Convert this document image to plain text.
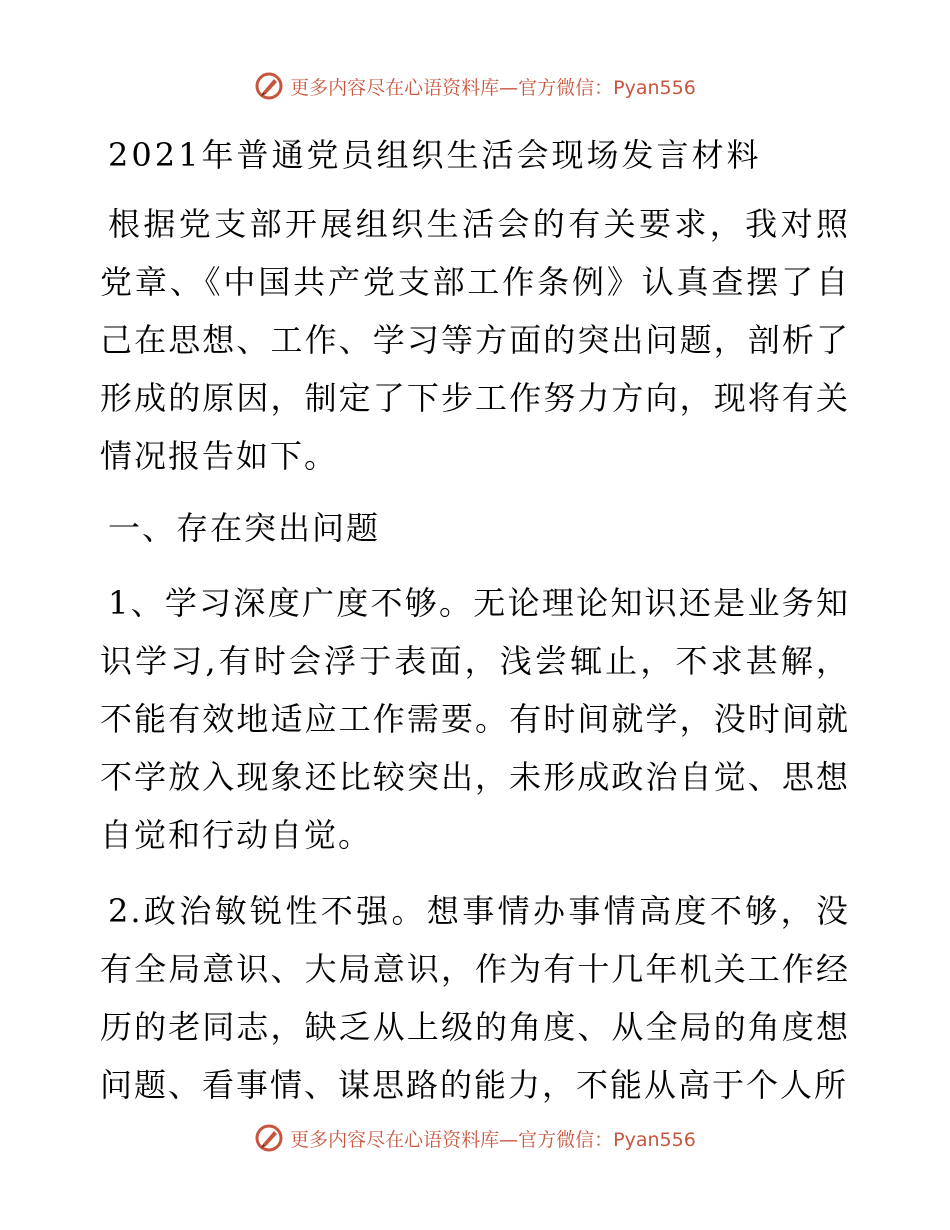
更多内容尽在心语资料库—官方微信：Pyan556
2021年普通党员组织生活会现场发言材料

根据党支部开展组织生活会的有关要求，我对照党章、《中国共产党支部工作条例》认真查摆了自己在思想、工作、学习等方面的突出问题，剖析了形成的原因，制定了下步工作努力方向，现将有关情况报告如下。

一、存在突出问题

1、学习深度广度不够。无论理论知识还是业务知识学习,有时会浮于表面，浅尝辄止，不求甚解，不能有效地适应工作需要。有时间就学，没时间就不学放入现象还比较突出，未形成政治自觉、思想自觉和行动自觉。

2.政治敏锐性不强。想事情办事情高度不够，没有全局意识、大局意识，作为有十几年机关工作经历的老同志，缺乏从上级的角度、从全局的角度想问题、看事情、谋思路的能力，不能从高于个人所

更多内容尽在心语资料库—官方微信：Pyan556
